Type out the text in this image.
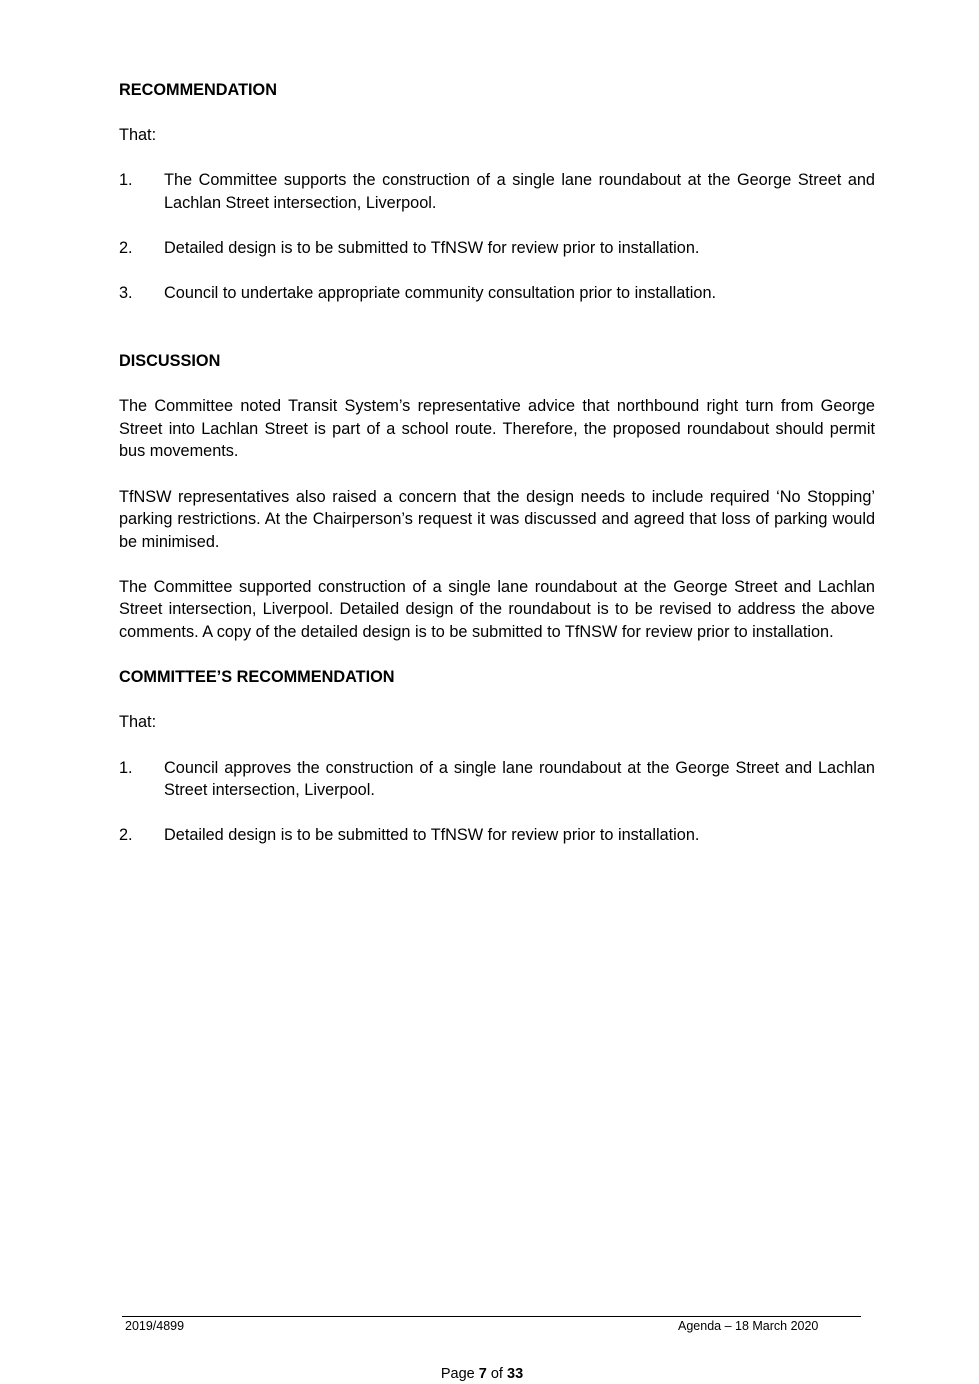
RECOMMENDATION

That:

1. The Committee supports the construction of a single lane roundabout at the George Street and Lachlan Street intersection, Liverpool.
2. Detailed design is to be submitted to TfNSW for review prior to installation.
3. Council to undertake appropriate community consultation prior to installation.

DISCUSSION

The Committee noted Transit System’s representative advice that northbound right turn from George Street into Lachlan Street is part of a school route. Therefore, the proposed roundabout should permit bus movements.

TfNSW representatives also raised a concern that the design needs to include required ‘No Stopping’ parking restrictions. At the Chairperson’s request it was discussed and agreed that loss of parking would be minimised.

The Committee supported construction of a single lane roundabout at the George Street and Lachlan Street intersection, Liverpool. Detailed design of the roundabout is to be revised to address the above comments. A copy of the detailed design is to be submitted to TfNSW for review prior to installation.

COMMITTEE’S RECOMMENDATION

That:

1. Council approves the construction of a single lane roundabout at the George Street and Lachlan Street intersection, Liverpool.
2. Detailed design is to be submitted to TfNSW for review prior to installation.
2019/4899	Agenda – 18 March 2020
Page 7 of 33
